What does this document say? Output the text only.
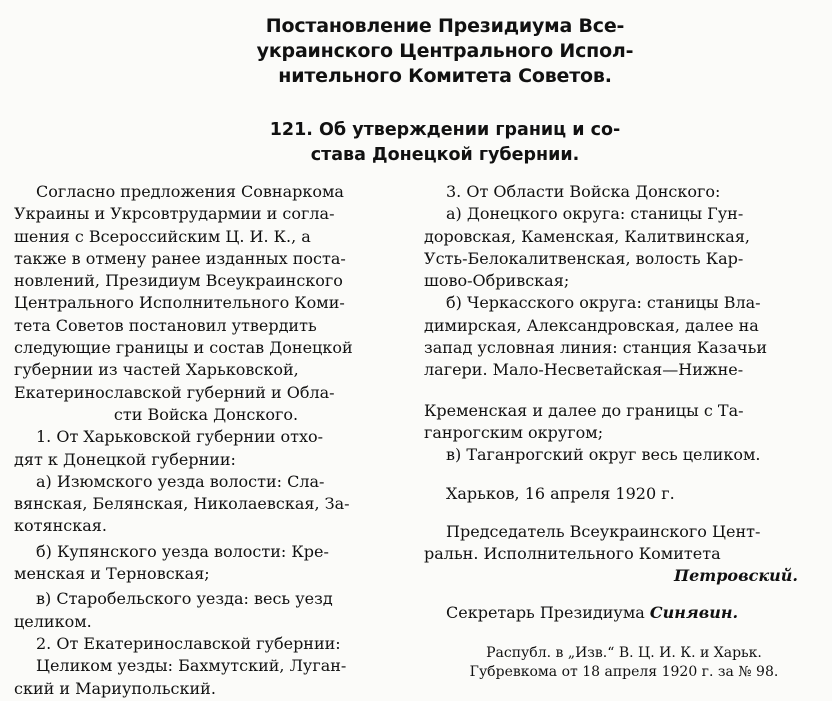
Постановление Президиума Все-

украинского Центрального Испол-

нительного Комитета Советов.

121. Об утверждении границ и со-

става Донецкой губернии.

Согласно предложения Совнаркома

Украины и Укрсовтрудармии и согла-

шения с Всероссийским Ц. И. К., а

также в отмену ранее изданных поста-

новлений, Президиум Всеукраинского

Центрального Исполнительного Коми-

тета Советов постановил утвердить

следующие границы и состав Донецкой

губернии из частей Харьковской,

Екатеринославской губерний и Обла-

сти Войска Донского.

1. От Харьковской губернии отхо-

дят к Донецкой губернии:

а) Изюмского уезда волости: Сла-

вянская, Белянская, Николаевская, За-

котянская.

б) Купянского уезда волости: Кре-

менская и Терновская;

в) Старобельского уезда: весь уезд

целиком.

2. От Екатеринославской губернии:

Целиком уезды: Бахмутский, Луган-

ский и Мариупольский.

3. От Области Войска Донского:

а) Донецкого округа: станицы Гун-

доровская, Каменская, Калитвинская,

Усть-Белокалитвенская, волость Кар-

шово-Обривская;

б) Черкасского округа: станицы Вла-

димирская, Александровская, далее на

запад условная линия: станция Казачьи

лагери. Мало-Несветайская—Нижне-

Кременская и далее до границы с Та-

ганрогским округом;

в) Таганрогский округ весь целиком.

Харьков, 16 апреля 1920 г.

Председатель Всеукраинского Цент-

ральн. Исполнительного Комитета

Петровский.

Секретарь Президиума Синявин.

Распубл. в „Изв.“ В. Ц. И. К. и Харьк.

Губревкома от 18 апреля 1920 г. за № 98.
